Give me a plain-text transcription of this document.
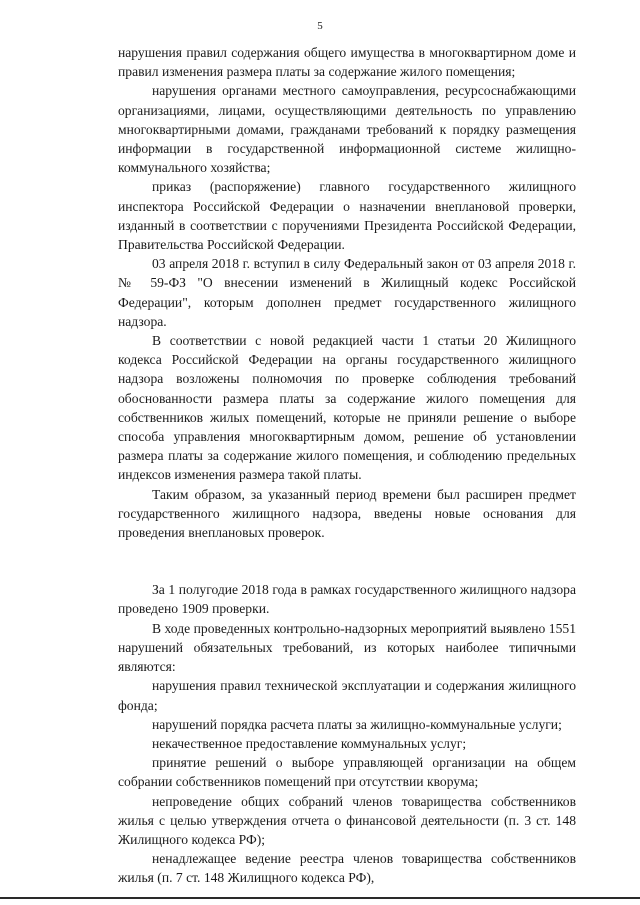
5

нарушения правил содержания общего имущества в многоквартирном доме и правил изменения размера платы за содержание жилого помещения;

нарушения органами местного самоуправления, ресурсоснабжающими организациями, лицами, осуществляющими деятельность по управлению многоквартирными домами, гражданами требований к порядку размещения информации в государственной информационной системе жилищно-коммунального хозяйства;

приказ (распоряжение) главного государственного жилищного инспектора Российской Федерации о назначении внеплановой проверки, изданный в соответствии с поручениями Президента Российской Федерации, Правительства Российской Федерации.

03 апреля 2018 г. вступил в силу Федеральный закон от 03 апреля 2018 г. № 59-ФЗ "О внесении изменений в Жилищный кодекс Российской Федерации", которым дополнен предмет государственного жилищного надзора.

В соответствии с новой редакцией части 1 статьи 20 Жилищного кодекса Российской Федерации на органы государственного жилищного надзора возложены полномочия по проверке соблюдения требований обоснованности размера платы за содержание жилого помещения для собственников жилых помещений, которые не приняли решение о выборе способа управления многоквартирным домом, решение об установлении размера платы за содержание жилого помещения, и соблюдению предельных индексов изменения размера такой платы.

Таким образом, за указанный период времени был расширен предмет государственного жилищного надзора, введены новые основания для проведения внеплановых проверок.

За 1 полугодие 2018 года в рамках государственного жилищного надзора проведено 1909 проверки.

В ходе проведенных контрольно-надзорных мероприятий выявлено 1551 нарушений обязательных требований, из которых наиболее типичными являются:

нарушения правил технической эксплуатации и содержания жилищного фонда;

нарушений порядка расчета платы за жилищно-коммунальные услуги;

некачественное предоставление коммунальных услуг;

принятие решений о выборе управляющей организации на общем собрании собственников помещений при отсутствии кворума;

непроведение общих собраний членов товарищества собственников жилья с целью утверждения отчета о финансовой деятельности (п. 3 ст. 148 Жилищного кодекса РФ);

ненадлежащее ведение реестра членов товарищества собственников жилья (п. 7 ст. 148 Жилищного кодекса РФ),
